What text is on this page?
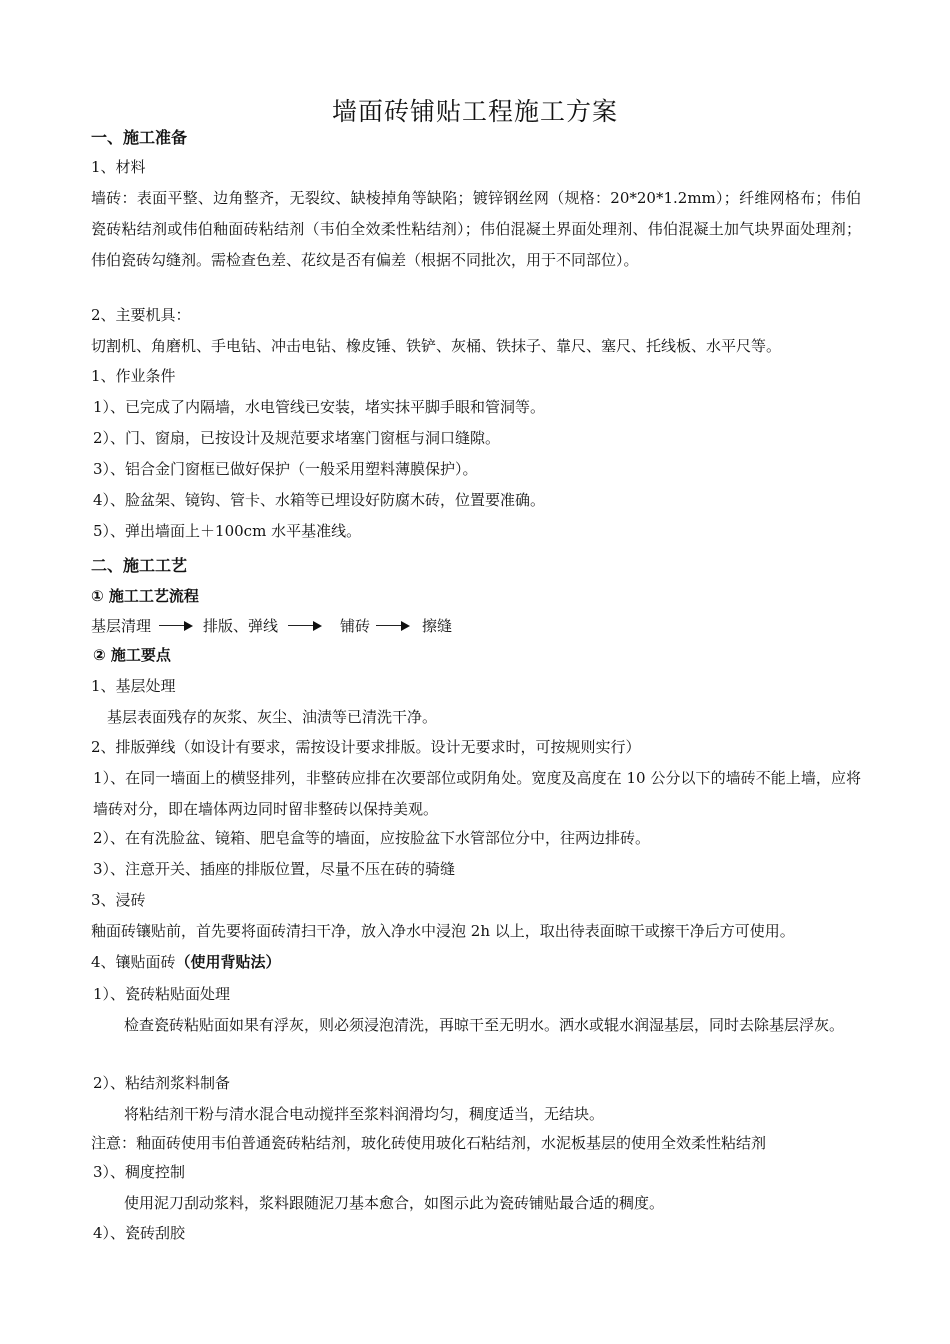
墙面砖铺贴工程施工方案
一、施工准备
1、材料
墙砖：表面平整、边角整齐，无裂纹、缺棱掉角等缺陷；镀锌钢丝网（规格：20*20*1.2mm）；纤维网格布；伟伯瓷砖粘结剂或伟伯釉面砖粘结剂（韦伯全效柔性粘结剂）；伟伯混凝土界面处理剂、伟伯混凝土加气块界面处理剂；伟伯瓷砖勾缝剂。需检查色差、花纹是否有偏差（根据不同批次，用于不同部位）。
2、主要机具：
切割机、角磨机、手电钻、冲击电钻、橡皮锤、铁铲、灰桶、铁抹子、靠尺、塞尺、托线板、水平尺等。
1、作业条件
1）、已完成了内隔墙，水电管线已安装，堵实抹平脚手眼和管洞等。
2）、门、窗扇，已按设计及规范要求堵塞门窗框与洞口缝隙。
3）、铝合金门窗框已做好保护（一般采用塑料薄膜保护）。
4）、脸盆架、镜钩、管卡、水箱等已埋设好防腐木砖，位置要准确。
5）、弹出墙面上＋100cm 水平基准线。
二、施工工艺
① 施工工艺流程
基层清理	排版、弹线	铺砖	擦缝
② 施工要点
1、基层处理
基层表面残存的灰浆、灰尘、油渍等已清洗干净。
2、排版弹线（如设计有要求，需按设计要求排版。设计无要求时，可按规则实行）
1）、在同一墙面上的横竖排列，非整砖应排在次要部位或阴角处。宽度及高度在 10 公分以下的墙砖不能上墙，应将墙砖对分，即在墙体两边同时留非整砖以保持美观。
2）、在有洗脸盆、镜箱、肥皂盒等的墙面，应按脸盆下水管部位分中，往两边排砖。
3）、注意开关、插座的排版位置，尽量不压在砖的骑缝
3、浸砖
釉面砖镶贴前，首先要将面砖清扫干净，放入净水中浸泡 2h 以上，取出待表面晾干或擦干净后方可使用。
4、镶贴面砖（使用背贴法）
1）、瓷砖粘贴面处理
检查瓷砖粘贴面如果有浮灰，则必须浸泡清洗，再晾干至无明水。洒水或辊水润湿基层，同时去除基层浮灰。
2）、粘结剂浆料制备
将粘结剂干粉与清水混合电动搅拌至浆料润滑均匀，稠度适当，无结块。
注意：釉面砖使用韦伯普通瓷砖粘结剂，玻化砖使用玻化石粘结剂，水泥板基层的使用全效柔性粘结剂
3）、稠度控制
使用泥刀刮动浆料，浆料跟随泥刀基本愈合，如图示此为瓷砖铺贴最合适的稠度。
4）、瓷砖刮胶
